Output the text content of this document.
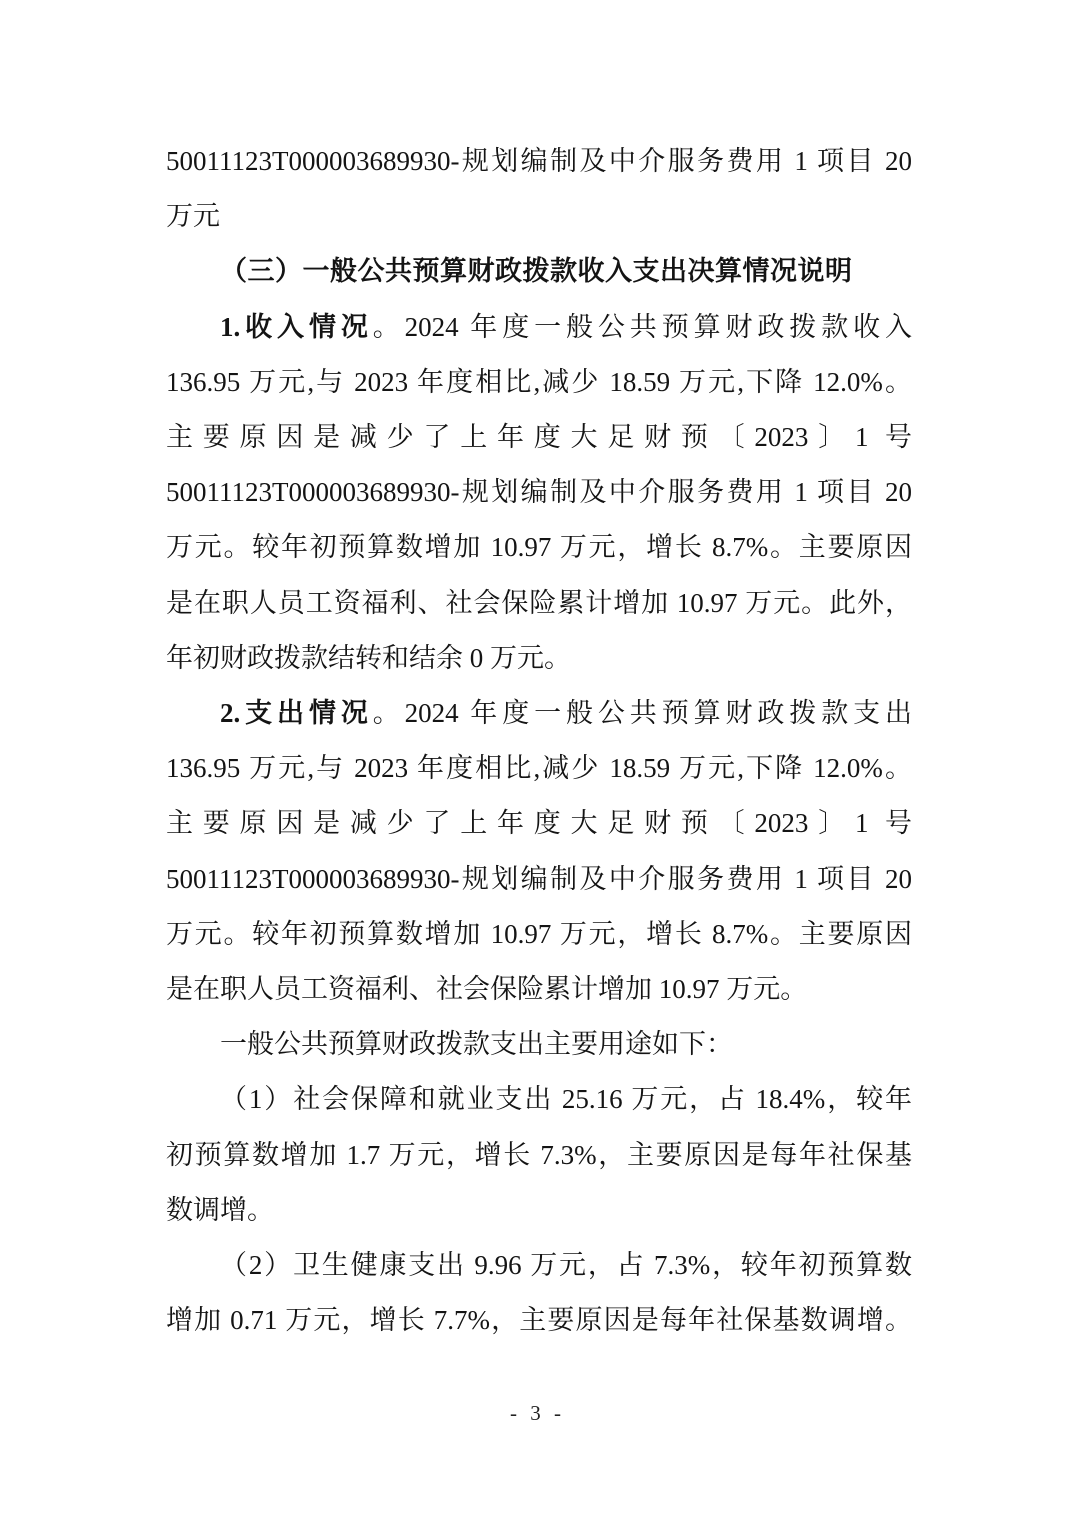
50011123T000003689930-规划编制及中介服务费用 1 项目 20
万元
（三）一般公共预算财政拨款收入支出决算情况说明
1.收入情况。2024 年度一般公共预算财政拨款收入
136.95 万元,与 2023 年度相比,减少 18.59 万元,下降 12.0%。
主要原因是减少了上年度大足财预〔2023〕1 号
50011123T000003689930-规划编制及中介服务费用 1 项目 20
万元。较年初预算数增加 10.97 万元，增长 8.7%。主要原因
是在职人员工资福利、社会保险累计增加 10.97 万元。此外，
年初财政拨款结转和结余 0 万元。
2.支出情况。2024 年度一般公共预算财政拨款支出
136.95 万元,与 2023 年度相比,减少 18.59 万元,下降 12.0%。
主要原因是减少了上年度大足财预〔2023〕1 号
50011123T000003689930-规划编制及中介服务费用 1 项目 20
万元。较年初预算数增加 10.97 万元，增长 8.7%。主要原因
是在职人员工资福利、社会保险累计增加 10.97 万元。
一般公共预算财政拨款支出主要用途如下：
（1）社会保障和就业支出 25.16 万元，占 18.4%，较年
初预算数增加 1.7 万元，增长 7.3%，主要原因是每年社保基
数调增。
（2）卫生健康支出 9.96 万元，占 7.3%，较年初预算数
增加 0.71 万元，增长 7.7%，主要原因是每年社保基数调增。
- 3 -
